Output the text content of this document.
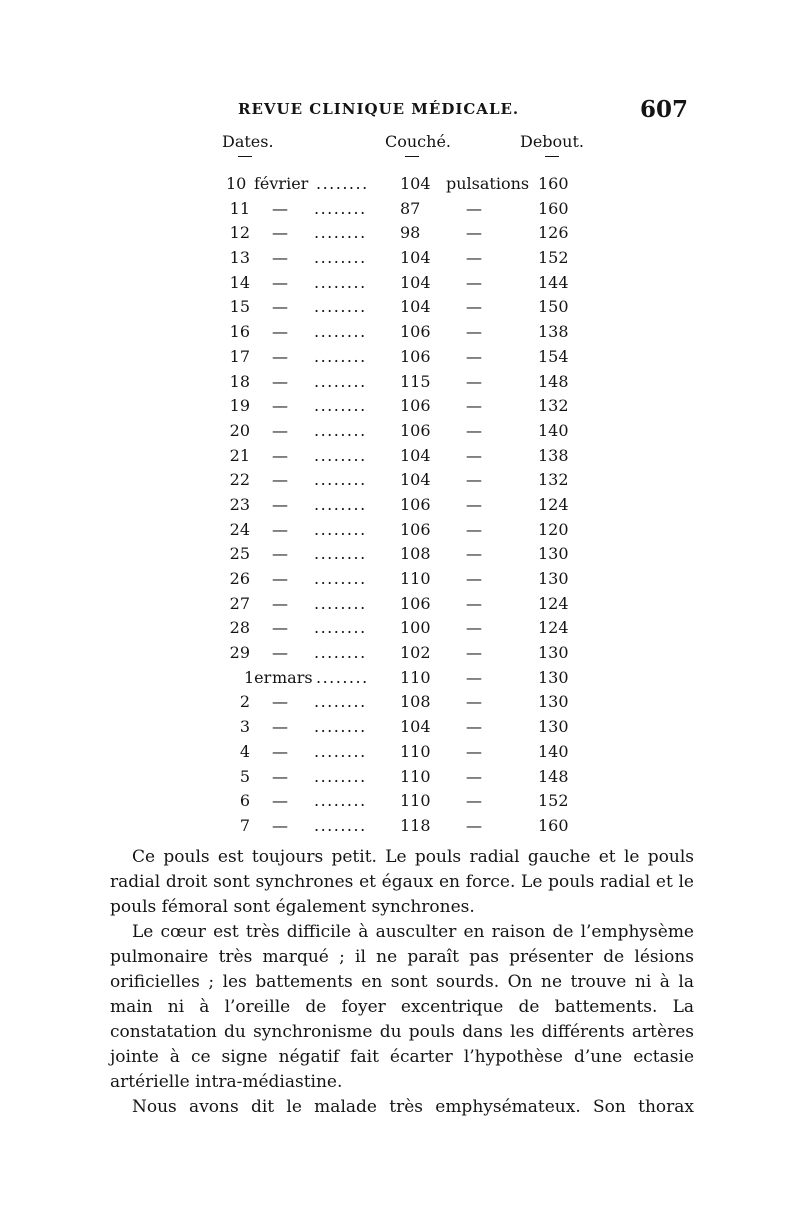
REVUE CLINIQUE MÉDICALE.	607
Dates.	Couché.	Debout.
10 février ........ 104 pulsations 160
11 — ........ 87	—	160
12 — ........ 98	—	126
13 — ........ 104 —	152
14 — ........ 104 —	144
15 — ........ 104 —	150
16 — ........ 106 —	138
17 — ........ 106 —	154
18 — ........ 115 —	148
19 — ........ 106 —	132
20 — ........ 106 —	140
21 — ........ 104 —	138
22 — ........ 104 —	132
23 — ........ 106 —	124
24 — ........ 106 —	120
25 — ........ 108 —	130
26 — ........ 110 —	130
27 — ........ 106 —	124
28 — ........ 100 —	124
29 — ........ 102 —	130
1er mars ........ 110 —	130
2 — ........ 108 —	130
3 — ........ 104 —	130
4 — ........ 110 —	140
5 — ........ 110 —	148
6 — ........ 110 —	152
7 — ........ 118 —	160

Ce pouls est toujours petit. Le pouls radial gauche et le pouls radial droit sont synchrones et égaux en force. Le pouls radial et le pouls fémoral sont également synchrones.

Le cœur est très difficile à ausculter en raison de l’emphysème pulmonaire très marqué ; il ne paraît pas présenter de lésions orificielles ; les battements en sont sourds. On ne trouve ni à la main ni à l’oreille de foyer excentrique de battements. La constatation du synchronisme du pouls dans les différents artères jointe à ce signe négatif fait écarter l’hypothèse d’une ectasie artérielle intra-médiastine.

Nous avons dit le malade très emphysémateux. Son thorax
